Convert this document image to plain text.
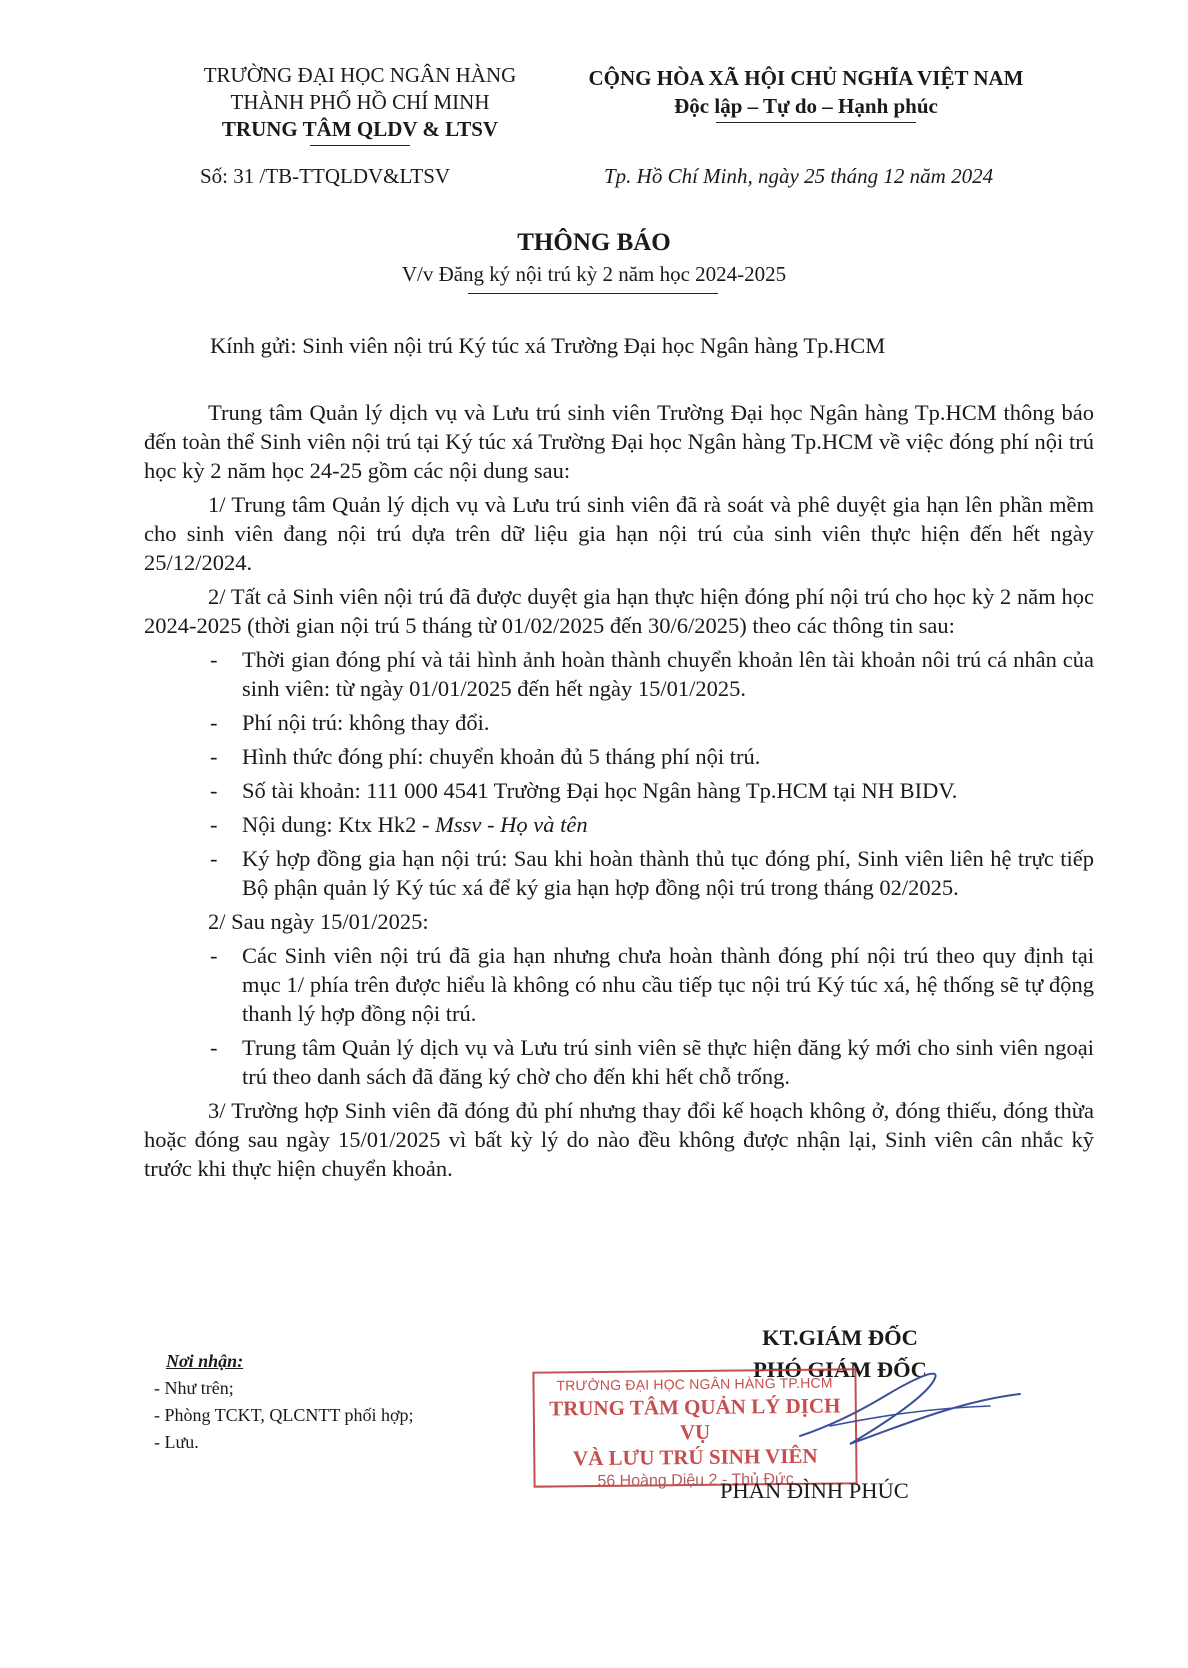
TRƯỜNG ĐẠI HỌC NGÂN HÀNG
THÀNH PHỐ HỒ CHÍ MINH
TRUNG TÂM QLDV & LTSV
CỘNG HÒA XÃ HỘI CHỦ NGHĨA VIỆT NAM
Độc lập – Tự do – Hạnh phúc
Số: 31 /TB-TTQLDV&LTSV	Tp. Hồ Chí Minh, ngày 25 tháng 12 năm 2024
THÔNG BÁO
V/v Đăng ký nội trú kỳ 2 năm học 2024-2025
Kính gửi: Sinh viên nội trú Ký túc xá Trường Đại học Ngân hàng Tp.HCM

Trung tâm Quản lý dịch vụ và Lưu trú sinh viên Trường Đại học Ngân hàng Tp.HCM thông báo đến toàn thể Sinh viên nội trú tại Ký túc xá Trường Đại học Ngân hàng Tp.HCM về việc đóng phí nội trú học kỳ 2 năm học 24-25 gồm các nội dung sau:

1/ Trung tâm Quản lý dịch vụ và Lưu trú sinh viên đã rà soát và phê duyệt gia hạn lên phần mềm cho sinh viên đang nội trú dựa trên dữ liệu gia hạn nội trú của sinh viên thực hiện đến hết ngày 25/12/2024.

2/ Tất cả Sinh viên nội trú đã được duyệt gia hạn thực hiện đóng phí nội trú cho học kỳ 2 năm học 2024-2025 (thời gian nội trú 5 tháng từ 01/02/2025 đến 30/6/2025) theo các thông tin sau:

- Thời gian đóng phí và tải hình ảnh hoàn thành chuyển khoản lên tài khoản nôi trú cá nhân của sinh viên: từ ngày 01/01/2025 đến hết ngày 15/01/2025.
- Phí nội trú: không thay đổi.
- Hình thức đóng phí: chuyển khoản đủ 5 tháng phí nội trú.
- Số tài khoản: 111 000 4541 Trường Đại học Ngân hàng Tp.HCM tại NH BIDV.
- Nội dung: Ktx Hk2 - Mssv - Họ và tên
- Ký hợp đồng gia hạn nội trú: Sau khi hoàn thành thủ tục đóng phí, Sinh viên liên hệ trực tiếp Bộ phận quản lý Ký túc xá để ký gia hạn hợp đồng nội trú trong tháng 02/2025.

2/ Sau ngày 15/01/2025:

- Các Sinh viên nội trú đã gia hạn nhưng chưa hoàn thành đóng phí nội trú theo quy định tại mục 1/ phía trên được hiểu là không có nhu cầu tiếp tục nội trú Ký túc xá, hệ thống sẽ tự động thanh lý hợp đồng nội trú.
- Trung tâm Quản lý dịch vụ và Lưu trú sinh viên sẽ thực hiện đăng ký mới cho sinh viên ngoại trú theo danh sách đã đăng ký chờ cho đến khi hết chỗ trống.

3/ Trường hợp Sinh viên đã đóng đủ phí nhưng thay đổi kế hoạch không ở, đóng thiếu, đóng thừa hoặc đóng sau ngày 15/01/2025 vì bất kỳ lý do nào đều không được nhận lại, Sinh viên cân nhắc kỹ trước khi thực hiện chuyển khoản.

Nơi nhận:
- Như trên;
- Phòng TCKT, QLCNTT phối hợp;
- Lưu.
KT.GIÁM ĐỐC
PHÓ GIÁM ĐỐC
TRƯỜNG ĐẠI HỌC NGÂN HÀNG TP.HCM
TRUNG TÂM QUẢN LÝ DỊCH VỤ
VÀ LƯU TRÚ SINH VIÊN
56 Hoàng Diệu 2 - Thủ Đức
PHAN ĐÌNH PHÚC
